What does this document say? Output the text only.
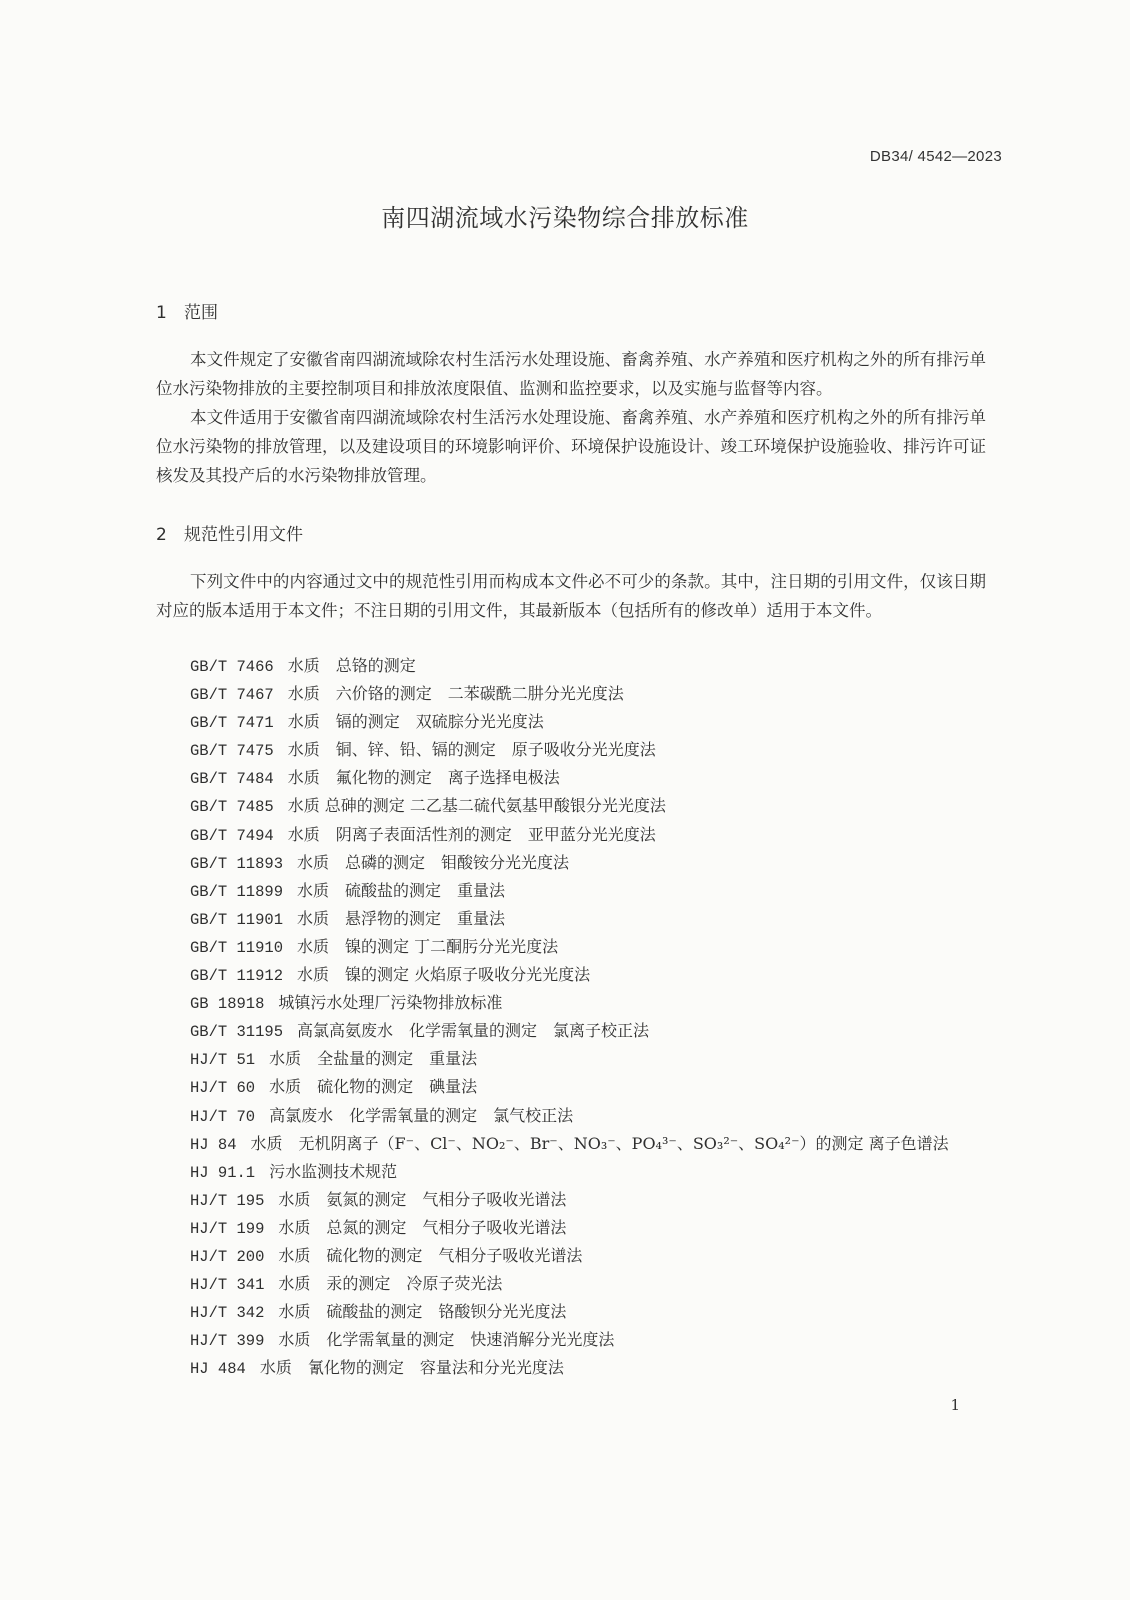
DB34/ 4542—2023
南四湖流域水污染物综合排放标准
1 范围

本文件规定了安徽省南四湖流域除农村生活污水处理设施、畜禽养殖、水产养殖和医疗机构之外的所有排污单位水污染物排放的主要控制项目和排放浓度限值、监测和监控要求，以及实施与监督等内容。

本文件适用于安徽省南四湖流域除农村生活污水处理设施、畜禽养殖、水产养殖和医疗机构之外的所有排污单位水污染物的排放管理，以及建设项目的环境影响评价、环境保护设施设计、竣工环境保护设施验收、排污许可证核发及其投产后的水污染物排放管理。

2 规范性引用文件

下列文件中的内容通过文中的规范性引用而构成本文件必不可少的条款。其中，注日期的引用文件，仅该日期对应的版本适用于本文件；不注日期的引用文件，其最新版本（包括所有的修改单）适用于本文件。

GB/T 7466 水质　总铬的测定
GB/T 7467 水质　六价铬的测定　二苯碳酰二肼分光光度法
GB/T 7471 水质　镉的测定　双硫腙分光光度法
GB/T 7475 水质　铜、锌、铅、镉的测定　原子吸收分光光度法
GB/T 7484 水质　氟化物的测定　离子选择电极法
GB/T 7485 水质 总砷的测定 二乙基二硫代氨基甲酸银分光光度法
GB/T 7494 水质　阴离子表面活性剂的测定　亚甲蓝分光光度法
GB/T 11893 水质　总磷的测定　钼酸铵分光光度法
GB/T 11899 水质　硫酸盐的测定　重量法
GB/T 11901 水质　悬浮物的测定　重量法
GB/T 11910 水质　镍的测定 丁二酮肟分光光度法
GB/T 11912 水质　镍的测定 火焰原子吸收分光光度法
GB 18918 城镇污水处理厂污染物排放标准
GB/T 31195 高氯高氨废水　化学需氧量的测定　氯离子校正法
HJ/T 51 水质　全盐量的测定　重量法
HJ/T 60 水质　硫化物的测定　碘量法
HJ/T 70 高氯废水　化学需氧量的测定　氯气校正法
HJ 84 水质　无机阴离子（F⁻、Cl⁻、NO₂⁻、Br⁻、NO₃⁻、PO₄³⁻、SO₃²⁻、SO₄²⁻）的测定 离子色谱法
HJ 91.1 污水监测技术规范
HJ/T 195 水质　氨氮的测定　气相分子吸收光谱法
HJ/T 199 水质　总氮的测定　气相分子吸收光谱法
HJ/T 200 水质　硫化物的测定　气相分子吸收光谱法
HJ/T 341 水质　汞的测定　冷原子荧光法
HJ/T 342 水质　硫酸盐的测定　铬酸钡分光光度法
HJ/T 399 水质　化学需氧量的测定　快速消解分光光度法
HJ 484 水质　氰化物的测定　容量法和分光光度法
1
